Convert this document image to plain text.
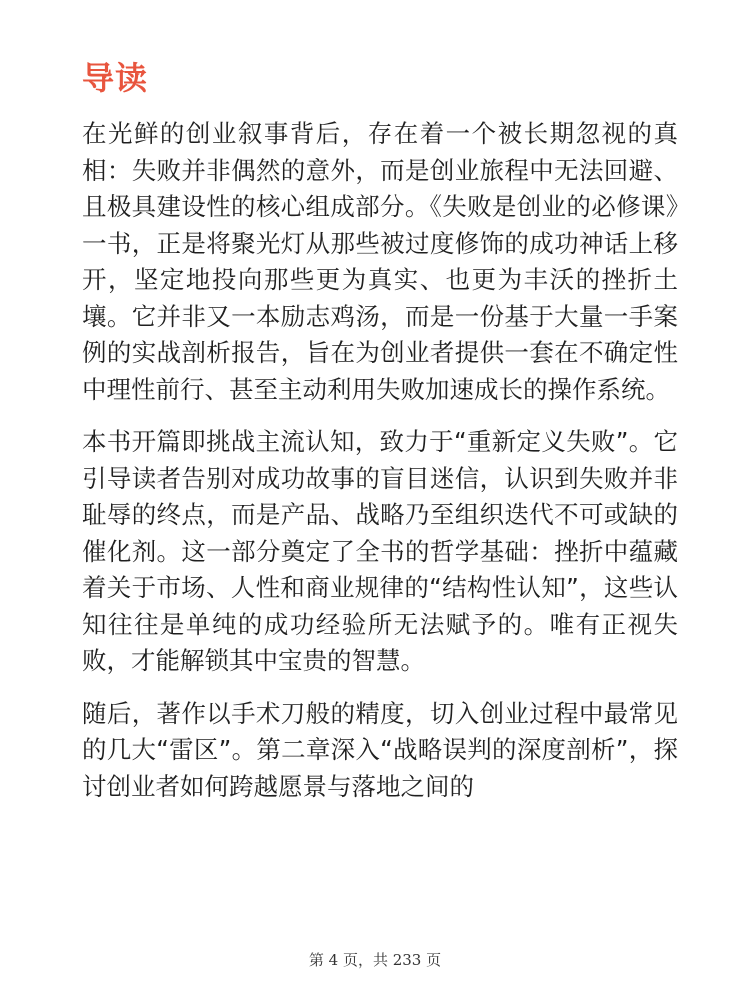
导读

在光鲜的创业叙事背后，存在着一个被长期忽视的真相：失败并非偶然的意外，而是创业旅程中无法回避、且极具建设性的核心组成部分。《失败是创业的必修课》一书，正是将聚光灯从那些被过度修饰的成功神话上移开，坚定地投向那些更为真实、也更为丰沃的挫折土壤。它并非又一本励志鸡汤，而是一份基于大量一手案例的实战剖析报告，旨在为创业者提供一套在不确定性中理性前行、甚至主动利用失败加速成长的操作系统。

本书开篇即挑战主流认知，致力于“重新定义失败”。它引导读者告别对成功故事的盲目迷信，认识到失败并非耻辱的终点，而是产品、战略乃至组织迭代不可或缺的催化剂。这一部分奠定了全书的哲学基础：挫折中蕴藏着关于市场、人性和商业规律的“结构性认知”，这些认知往往是单纯的成功经验所无法赋予的。唯有正视失败，才能解锁其中宝贵的智慧。

随后，著作以手术刀般的精度，切入创业过程中最常见的几大“雷区”。第二章深入“战略误判的深度剖析”，探讨创业者如何跨越愿景与落地之间的

第 4 页，共 233 页
